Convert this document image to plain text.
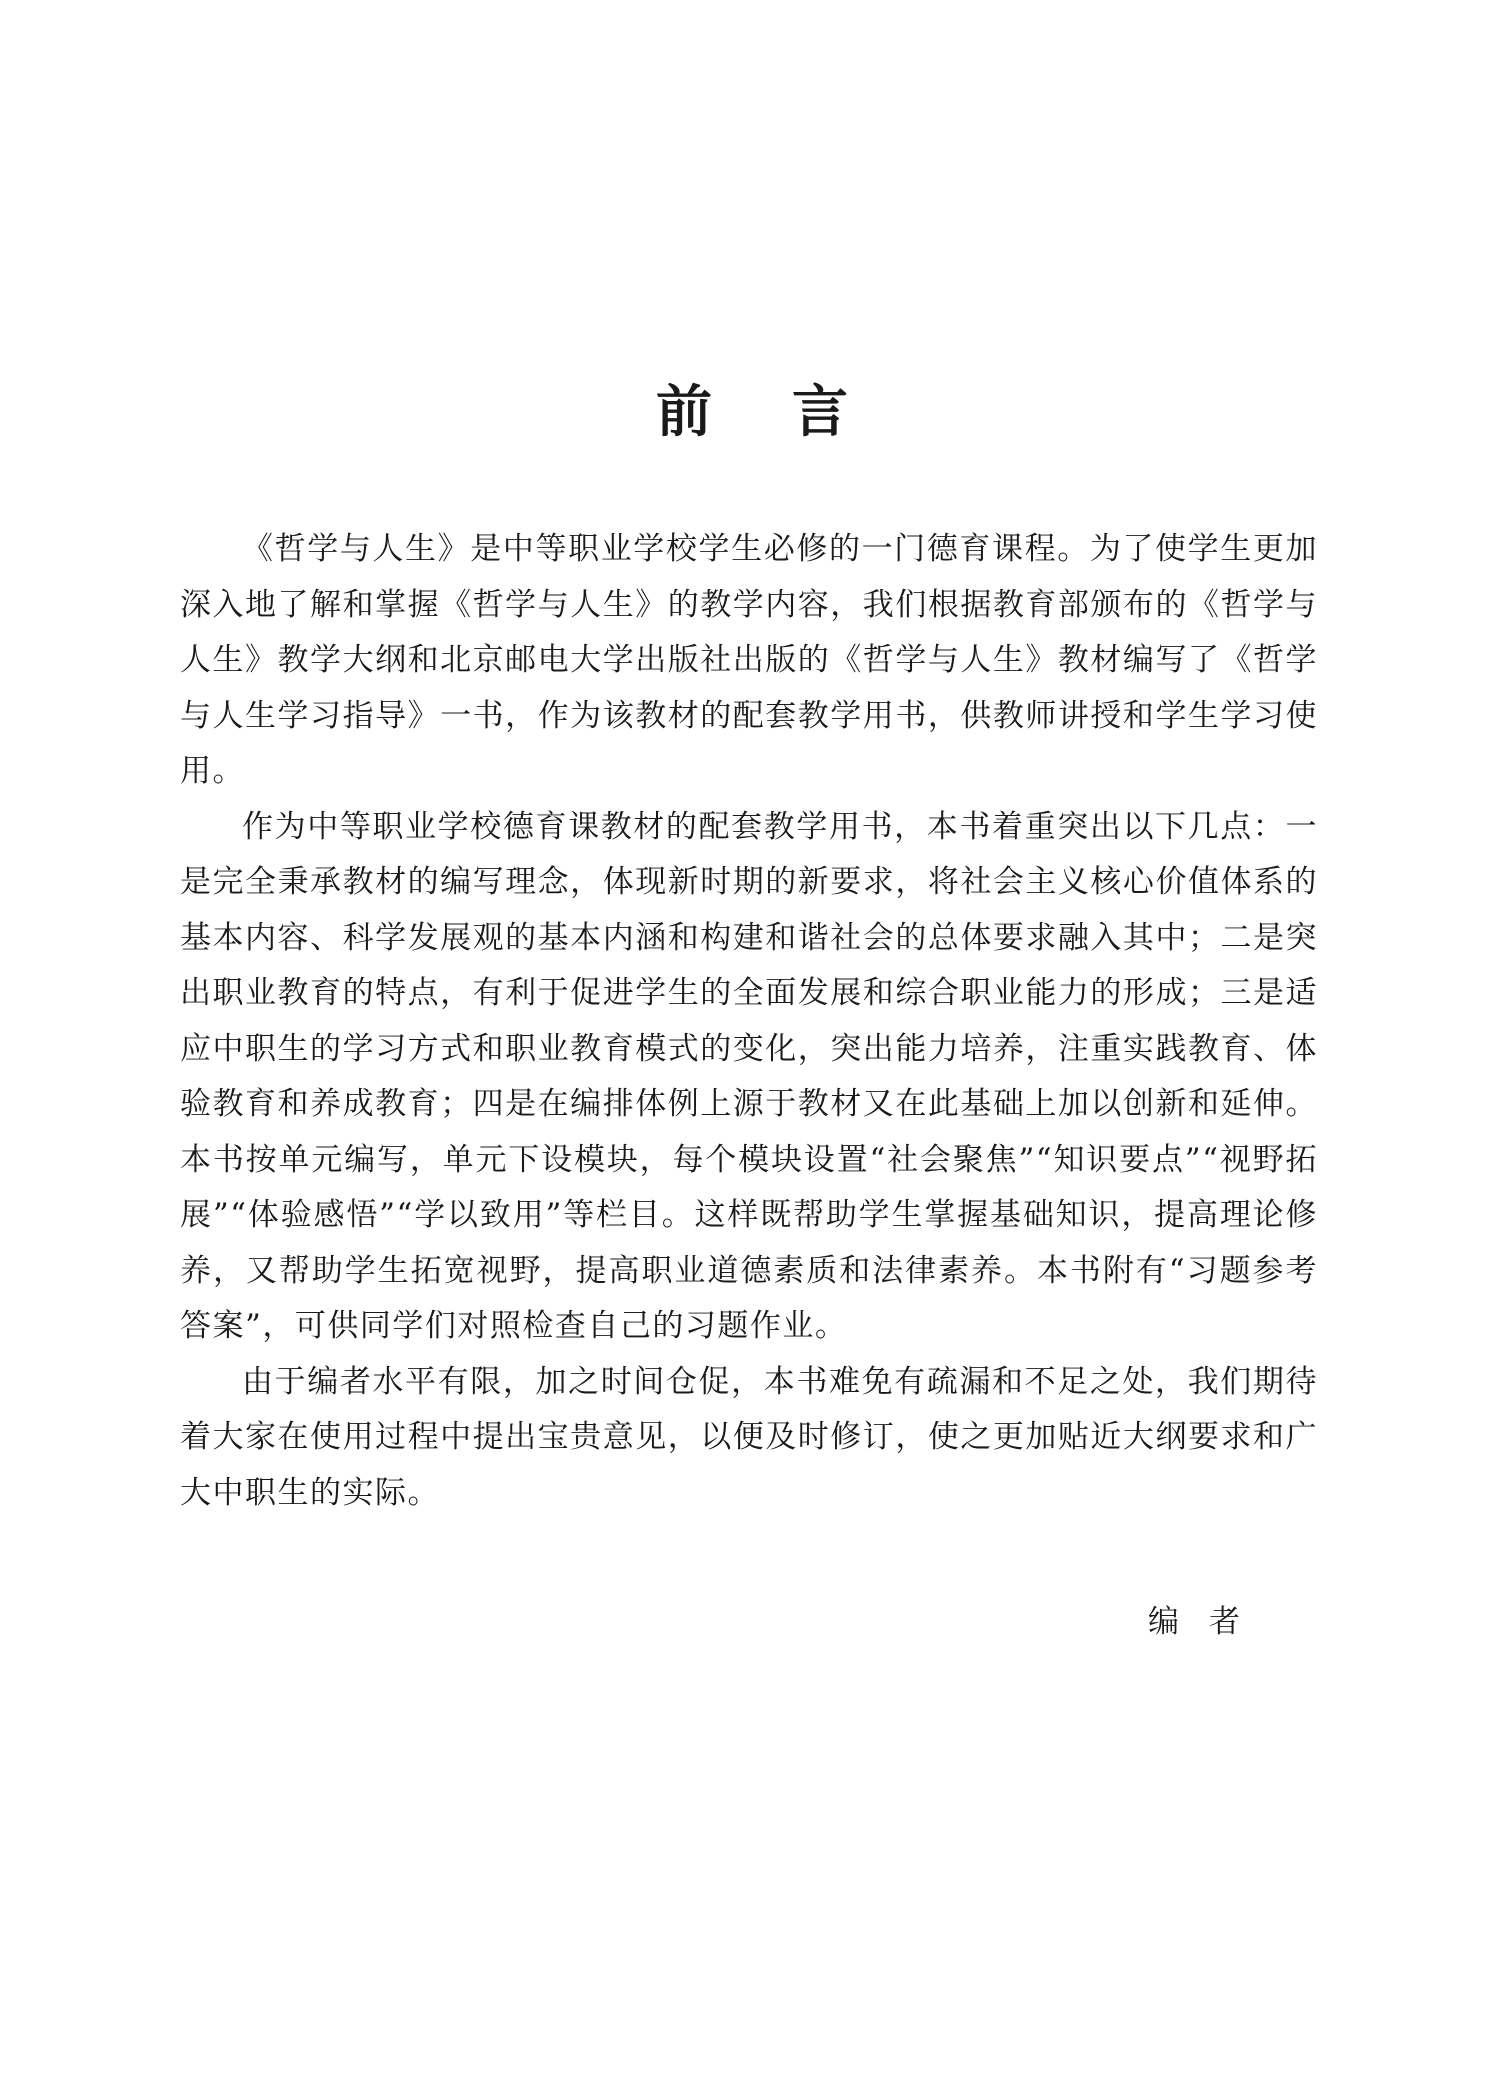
前言

《哲学与人生》是中等职业学校学生必修的一门德育课程。为了使学生更加深入地了解和掌握《哲学与人生》的教学内容，我们根据教育部颁布的《哲学与人生》教学大纲和北京邮电大学出版社出版的《哲学与人生》教材编写了《哲学与人生学习指导》一书，作为该教材的配套教学用书，供教师讲授和学生学习使用。

作为中等职业学校德育课教材的配套教学用书，本书着重突出以下几点：一是完全秉承教材的编写理念，体现新时期的新要求，将社会主义核心价值体系的基本内容、科学发展观的基本内涵和构建和谐社会的总体要求融入其中；二是突出职业教育的特点，有利于促进学生的全面发展和综合职业能力的形成；三是适应中职生的学习方式和职业教育模式的变化，突出能力培养，注重实践教育、体验教育和养成教育；四是在编排体例上源于教材又在此基础上加以创新和延伸。本书按单元编写，单元下设模块，每个模块设置“社会聚焦”“知识要点”“视野拓展”“体验感悟”“学以致用”等栏目。这样既帮助学生掌握基础知识，提高理论修养，又帮助学生拓宽视野，提高职业道德素质和法律素养。本书附有“习题参考答案”，可供同学们对照检查自己的习题作业。

由于编者水平有限，加之时间仓促，本书难免有疏漏和不足之处，我们期待着大家在使用过程中提出宝贵意见，以便及时修订，使之更加贴近大纲要求和广大中职生的实际。

编者
